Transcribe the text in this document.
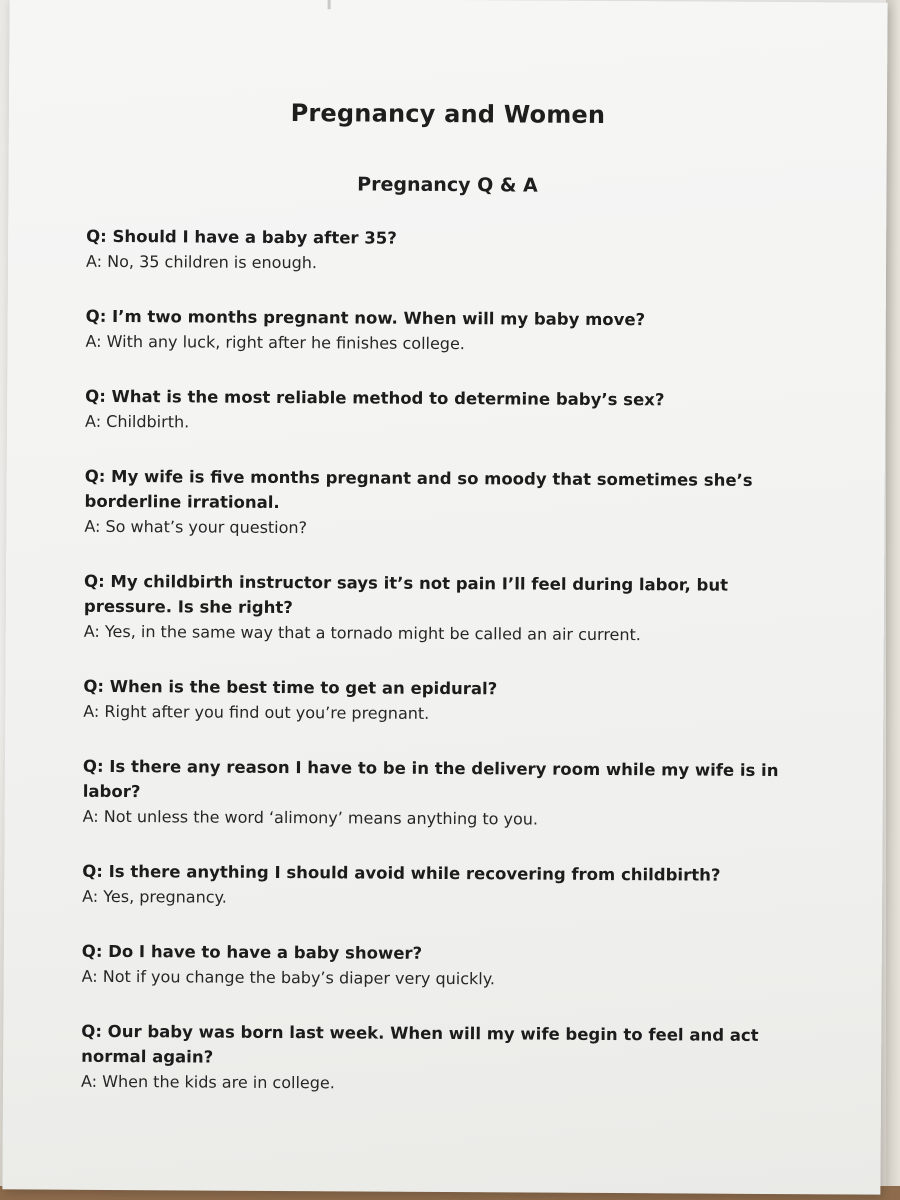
Pregnancy and Women
Pregnancy Q & A
Q: Should I have a baby after 35?
A: No, 35 children is enough.
Q: I’m two months pregnant now. When will my baby move?
A: With any luck, right after he finishes college.
Q: What is the most reliable method to determine baby’s sex?
A: Childbirth.
Q: My wife is five months pregnant and so moody that sometimes she’s borderline irrational.
A: So what’s your question?
Q: My childbirth instructor says it’s not pain I’ll feel during labor, but pressure. Is she right?
A: Yes, in the same way that a tornado might be called an air current.
Q: When is the best time to get an epidural?
A: Right after you find out you’re pregnant.
Q: Is there any reason I have to be in the delivery room while my wife is in labor?
A: Not unless the word ‘alimony’ means anything to you.
Q: Is there anything I should avoid while recovering from childbirth?
A: Yes, pregnancy.
Q: Do I have to have a baby shower?
A: Not if you change the baby’s diaper very quickly.
Q: Our baby was born last week. When will my wife begin to feel and act normal again?
A: When the kids are in college.
